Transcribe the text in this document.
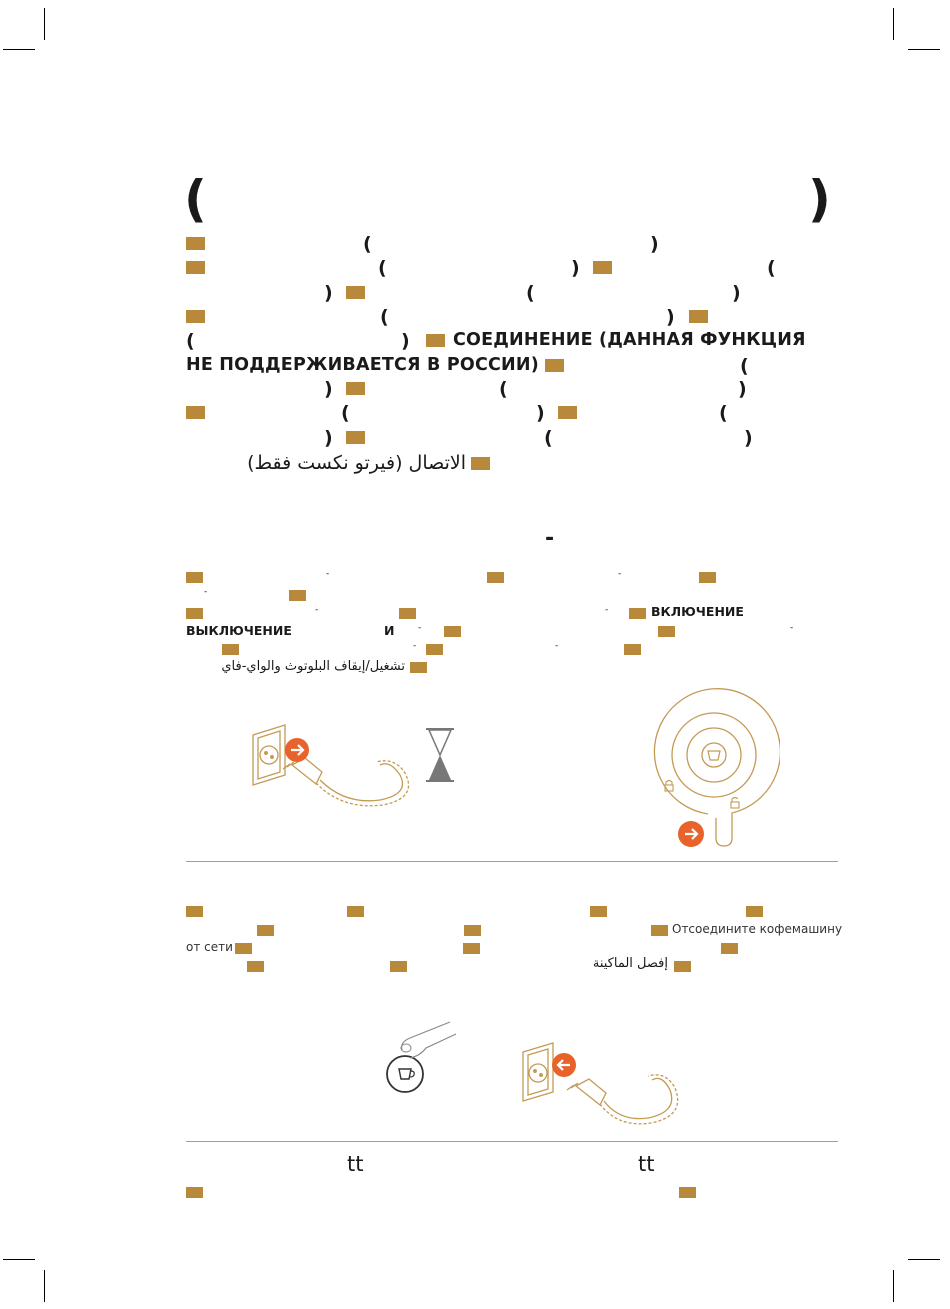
(	)
(	)
(	)	(
)	(	)
(	)
(	) СОЕДИНЕНИЕ (ДАННАЯ ФУНКЦИЯ
НЕ ПОДДЕРЖИВАЕТСЯ В РОССИИ)	(
)	(	)
(	)	(
)	(	)
الاتصال (فيرتو نكست فقط)
-
-	-
-
-	-	ВКЛЮЧЕНИЕ
ВЫКЛЮЧЕНИЕ	И	-	-
-	-
تشغيل/إيقاف البلوتوث والواي-فاي
Отсоедините кофемашину
от сети
إفصل الماكينة
tt	tt
